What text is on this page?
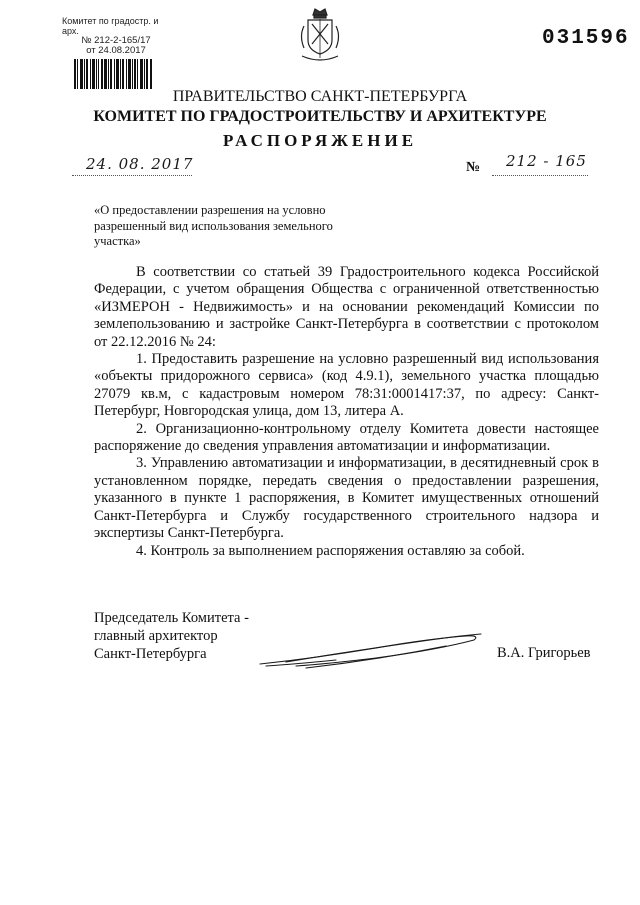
Комитет по градостр. и арх.
№ 212-2-165/17
от 24.08.2017
031596
ПРАВИТЕЛЬСТВО САНКТ-ПЕТЕРБУРГА
КОМИТЕТ ПО ГРАДОСТРОИТЕЛЬСТВУ И АРХИТЕКТУРЕ
РАСПОРЯЖЕНИЕ
24. 08. 2017	№ 212 - 165
«О предоставлении разрешения на условно разрешенный вид использования земельного участка»

В соответствии со статьей 39 Градостроительного кодекса Российской Федерации, с учетом обращения Общества с ограниченной ответственностью «ИЗМЕРОН - Недвижимость» и на основании рекомендаций Комиссии по землепользованию и застройке Санкт-Петербурга в соответствии с протоколом от 22.12.2016 № 24:

1. Предоставить разрешение на условно разрешенный вид использования «объекты придорожного сервиса» (код 4.9.1), земельного участка площадью 27079 кв.м, с кадастровым номером 78:31:0001417:37, по адресу: Санкт-Петербург, Новгородская улица, дом 13, литера А.

2. Организационно-контрольному отделу Комитета довести настоящее распоряжение до сведения управления автоматизации и информатизации.

3. Управлению автоматизации и информатизации, в десятидневный срок в установленном порядке, передать сведения о предоставлении разрешения, указанного в пункте 1 распоряжения, в Комитет имущественных отношений Санкт-Петербурга и Службу государственного строительного надзора и экспертизы Санкт-Петербурга.

4. Контроль за выполнением распоряжения оставляю за собой.

Председатель Комитета -
главный архитектор
Санкт-Петербурга	В.А. Григорьев
